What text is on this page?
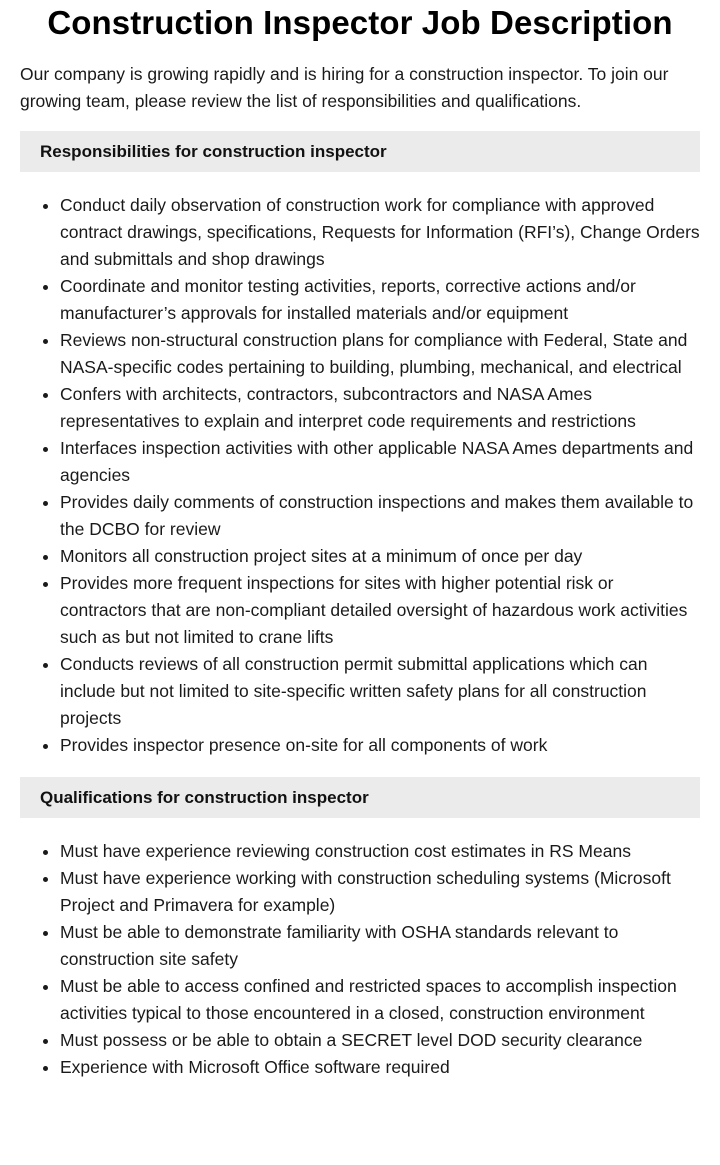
Construction Inspector Job Description

Our company is growing rapidly and is hiring for a construction inspector. To join our growing team, please review the list of responsibilities and qualifications.

Responsibilities for construction inspector
• Conduct daily observation of construction work for compliance with approved contract drawings, specifications, Requests for Information (RFI’s), Change Orders and submittals and shop drawings
• Coordinate and monitor testing activities, reports, corrective actions and/or manufacturer’s approvals for installed materials and/or equipment
• Reviews non-structural construction plans for compliance with Federal, State and NASA-specific codes pertaining to building, plumbing, mechanical, and electrical
• Confers with architects, contractors, subcontractors and NASA Ames representatives to explain and interpret code requirements and restrictions
• Interfaces inspection activities with other applicable NASA Ames departments and agencies
• Provides daily comments of construction inspections and makes them available to the DCBO for review
• Monitors all construction project sites at a minimum of once per day
• Provides more frequent inspections for sites with higher potential risk or contractors that are non-compliant detailed oversight of hazardous work activities such as but not limited to crane lifts
• Conducts reviews of all construction permit submittal applications which can include but not limited to site-specific written safety plans for all construction projects
• Provides inspector presence on-site for all components of work
Qualifications for construction inspector
• Must have experience reviewing construction cost estimates in RS Means
• Must have experience working with construction scheduling systems (Microsoft Project and Primavera for example)
• Must be able to demonstrate familiarity with OSHA standards relevant to construction site safety
• Must be able to access confined and restricted spaces to accomplish inspection activities typical to those encountered in a closed, construction environment
• Must possess or be able to obtain a SECRET level DOD security clearance
• Experience with Microsoft Office software required
